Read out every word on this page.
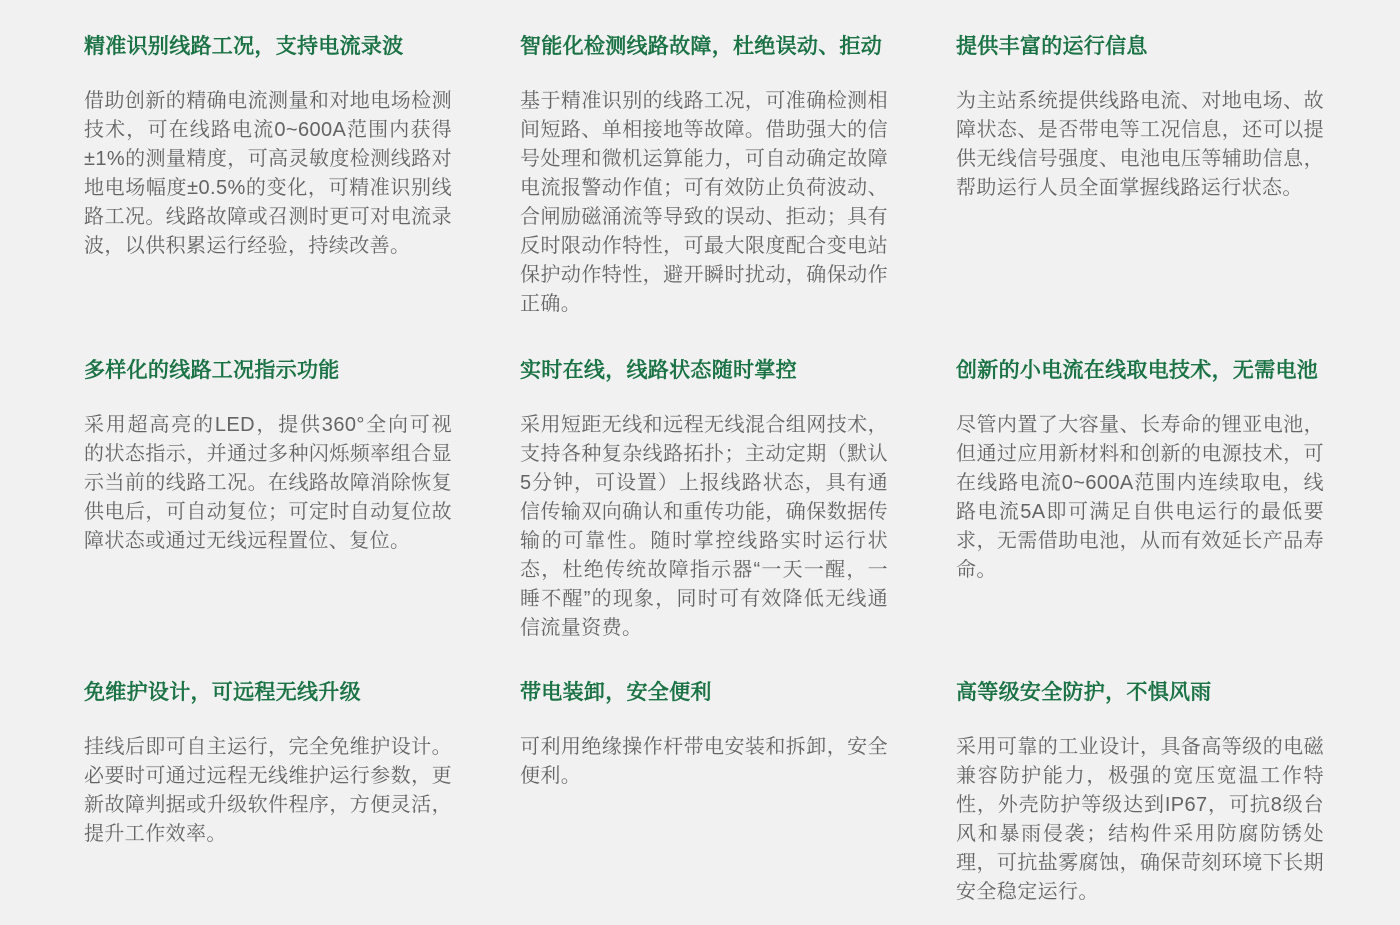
精准识别线路工况，支持电流录波

借助创新的精确电流测量和对地电场检测技术，可在线路电流0~600A范围内获得±1%的测量精度，可高灵敏度检测线路对地电场幅度±0.5%的变化，可精准识别线路工况。线路故障或召测时更可对电流录波，以供积累运行经验，持续改善。

智能化检测线路故障，杜绝误动、拒动

基于精准识别的线路工况，可准确检测相间短路、单相接地等故障。借助强大的信号处理和微机运算能力，可自动确定故障电流报警动作值；可有效防止负荷波动、合闸励磁涌流等导致的误动、拒动；具有反时限动作特性，可最大限度配合变电站保护动作特性，避开瞬时扰动，确保动作正确。

提供丰富的运行信息

为主站系统提供线路电流、对地电场、故障状态、是否带电等工况信息，还可以提供无线信号强度、电池电压等辅助信息，帮助运行人员全面掌握线路运行状态。

多样化的线路工况指示功能

采用超高亮的LED，提供360°全向可视的状态指示，并通过多种闪烁频率组合显示当前的线路工况。在线路故障消除恢复供电后，可自动复位；可定时自动复位故障状态或通过无线远程置位、复位。

实时在线，线路状态随时掌控

采用短距无线和远程无线混合组网技术，支持各种复杂线路拓扑；主动定期（默认5分钟，可设置）上报线路状态，具有通信传输双向确认和重传功能，确保数据传输的可靠性。随时掌控线路实时运行状态，杜绝传统故障指示器“一天一醒，一睡不醒”的现象，同时可有效降低无线通信流量资费。

创新的小电流在线取电技术，无需电池

尽管内置了大容量、长寿命的锂亚电池，但通过应用新材料和创新的电源技术，可在线路电流0~600A范围内连续取电，线路电流5A即可满足自供电运行的最低要求，无需借助电池，从而有效延长产品寿命。

免维护设计，可远程无线升级

挂线后即可自主运行，完全免维护设计。必要时可通过远程无线维护运行参数，更新故障判据或升级软件程序，方便灵活，提升工作效率。

带电装卸，安全便利

可利用绝缘操作杆带电安装和拆卸，安全便利。

高等级安全防护，不惧风雨

采用可靠的工业设计，具备高等级的电磁兼容防护能力，极强的宽压宽温工作特性，外壳防护等级达到IP67，可抗8级台风和暴雨侵袭；结构件采用防腐防锈处理，可抗盐雾腐蚀，确保苛刻环境下长期安全稳定运行。
